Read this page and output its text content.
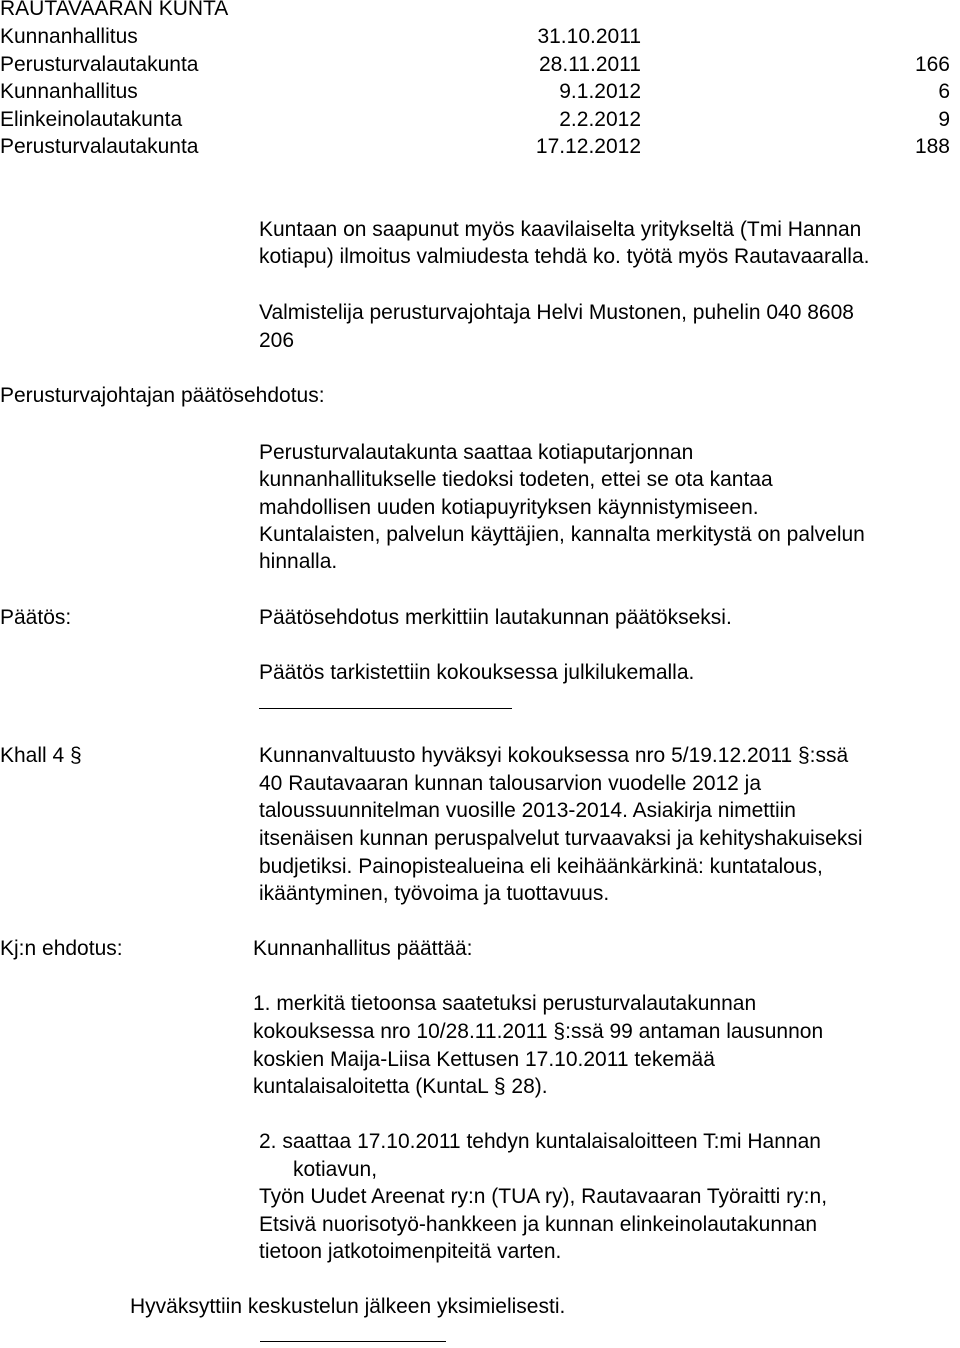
RAUTAVAARAN KUNTA
Kunnanhallitus	31.10.2011
Perusturvalautakunta	28.11.2011	166
Kunnanhallitus	9.1.2012	6
Elinkeinolautakunta	2.2.2012	9
Perusturvalautakunta	17.12.2012	188
Kuntaan on saapunut myös kaavilaiselta yritykseltä (Tmi Hannan
kotiapu) ilmoitus valmiudesta tehdä ko. työtä myös Rautavaaralla.
Valmistelija perusturvajohtaja Helvi Mustonen, puhelin 040 8608
206
Perusturvajohtajan päätösehdotus:
Perusturvalautakunta saattaa kotiaputarjonnan
kunnanhallitukselle tiedoksi todeten, ettei se ota kantaa
mahdollisen uuden kotiapuyrityksen käynnistymiseen.
Kuntalaisten, palvelun käyttäjien, kannalta merkitystä on palvelun
hinnalla.
Päätös:	Päätösehdotus merkittiin lautakunnan päätökseksi.
Päätös tarkistettiin kokouksessa julkilukemalla.
Khall 4 §	Kunnanvaltuusto hyväksyi kokouksessa nro 5/19.12.2011 §:ssä
40 Rautavaaran kunnan talousarvion vuodelle 2012 ja
taloussuunnitelman vuosille 2013-2014. Asiakirja nimettiin
itsenäisen kunnan peruspalvelut turvaavaksi ja kehityshakuiseksi
budjetiksi. Painopistealueina eli keihäänkärkinä: kuntatalous,
ikääntyminen, työvoima ja tuottavuus.
Kj:n ehdotus:	Kunnanhallitus päättää:
1. merkitä tietoonsa saatetuksi perusturvalautakunnan
kokouksessa nro 10/28.11.2011 §:ssä 99 antaman lausunnon
koskien Maija-Liisa Kettusen 17.10.2011 tekemää
kuntalaisaloitetta (KuntaL § 28).
2. saattaa 17.10.2011 tehdyn kuntalaisaloitteen T:mi Hannan
kotiavun,
Työn Uudet Areenat ry:n (TUA ry), Rautavaaran Työraitti ry:n,
Etsivä nuorisotyö-hankkeen ja kunnan elinkeinolautakunnan
tietoon jatkotoimenpiteitä varten.
Hyväksyttiin keskustelun jälkeen yksimielisesti.
